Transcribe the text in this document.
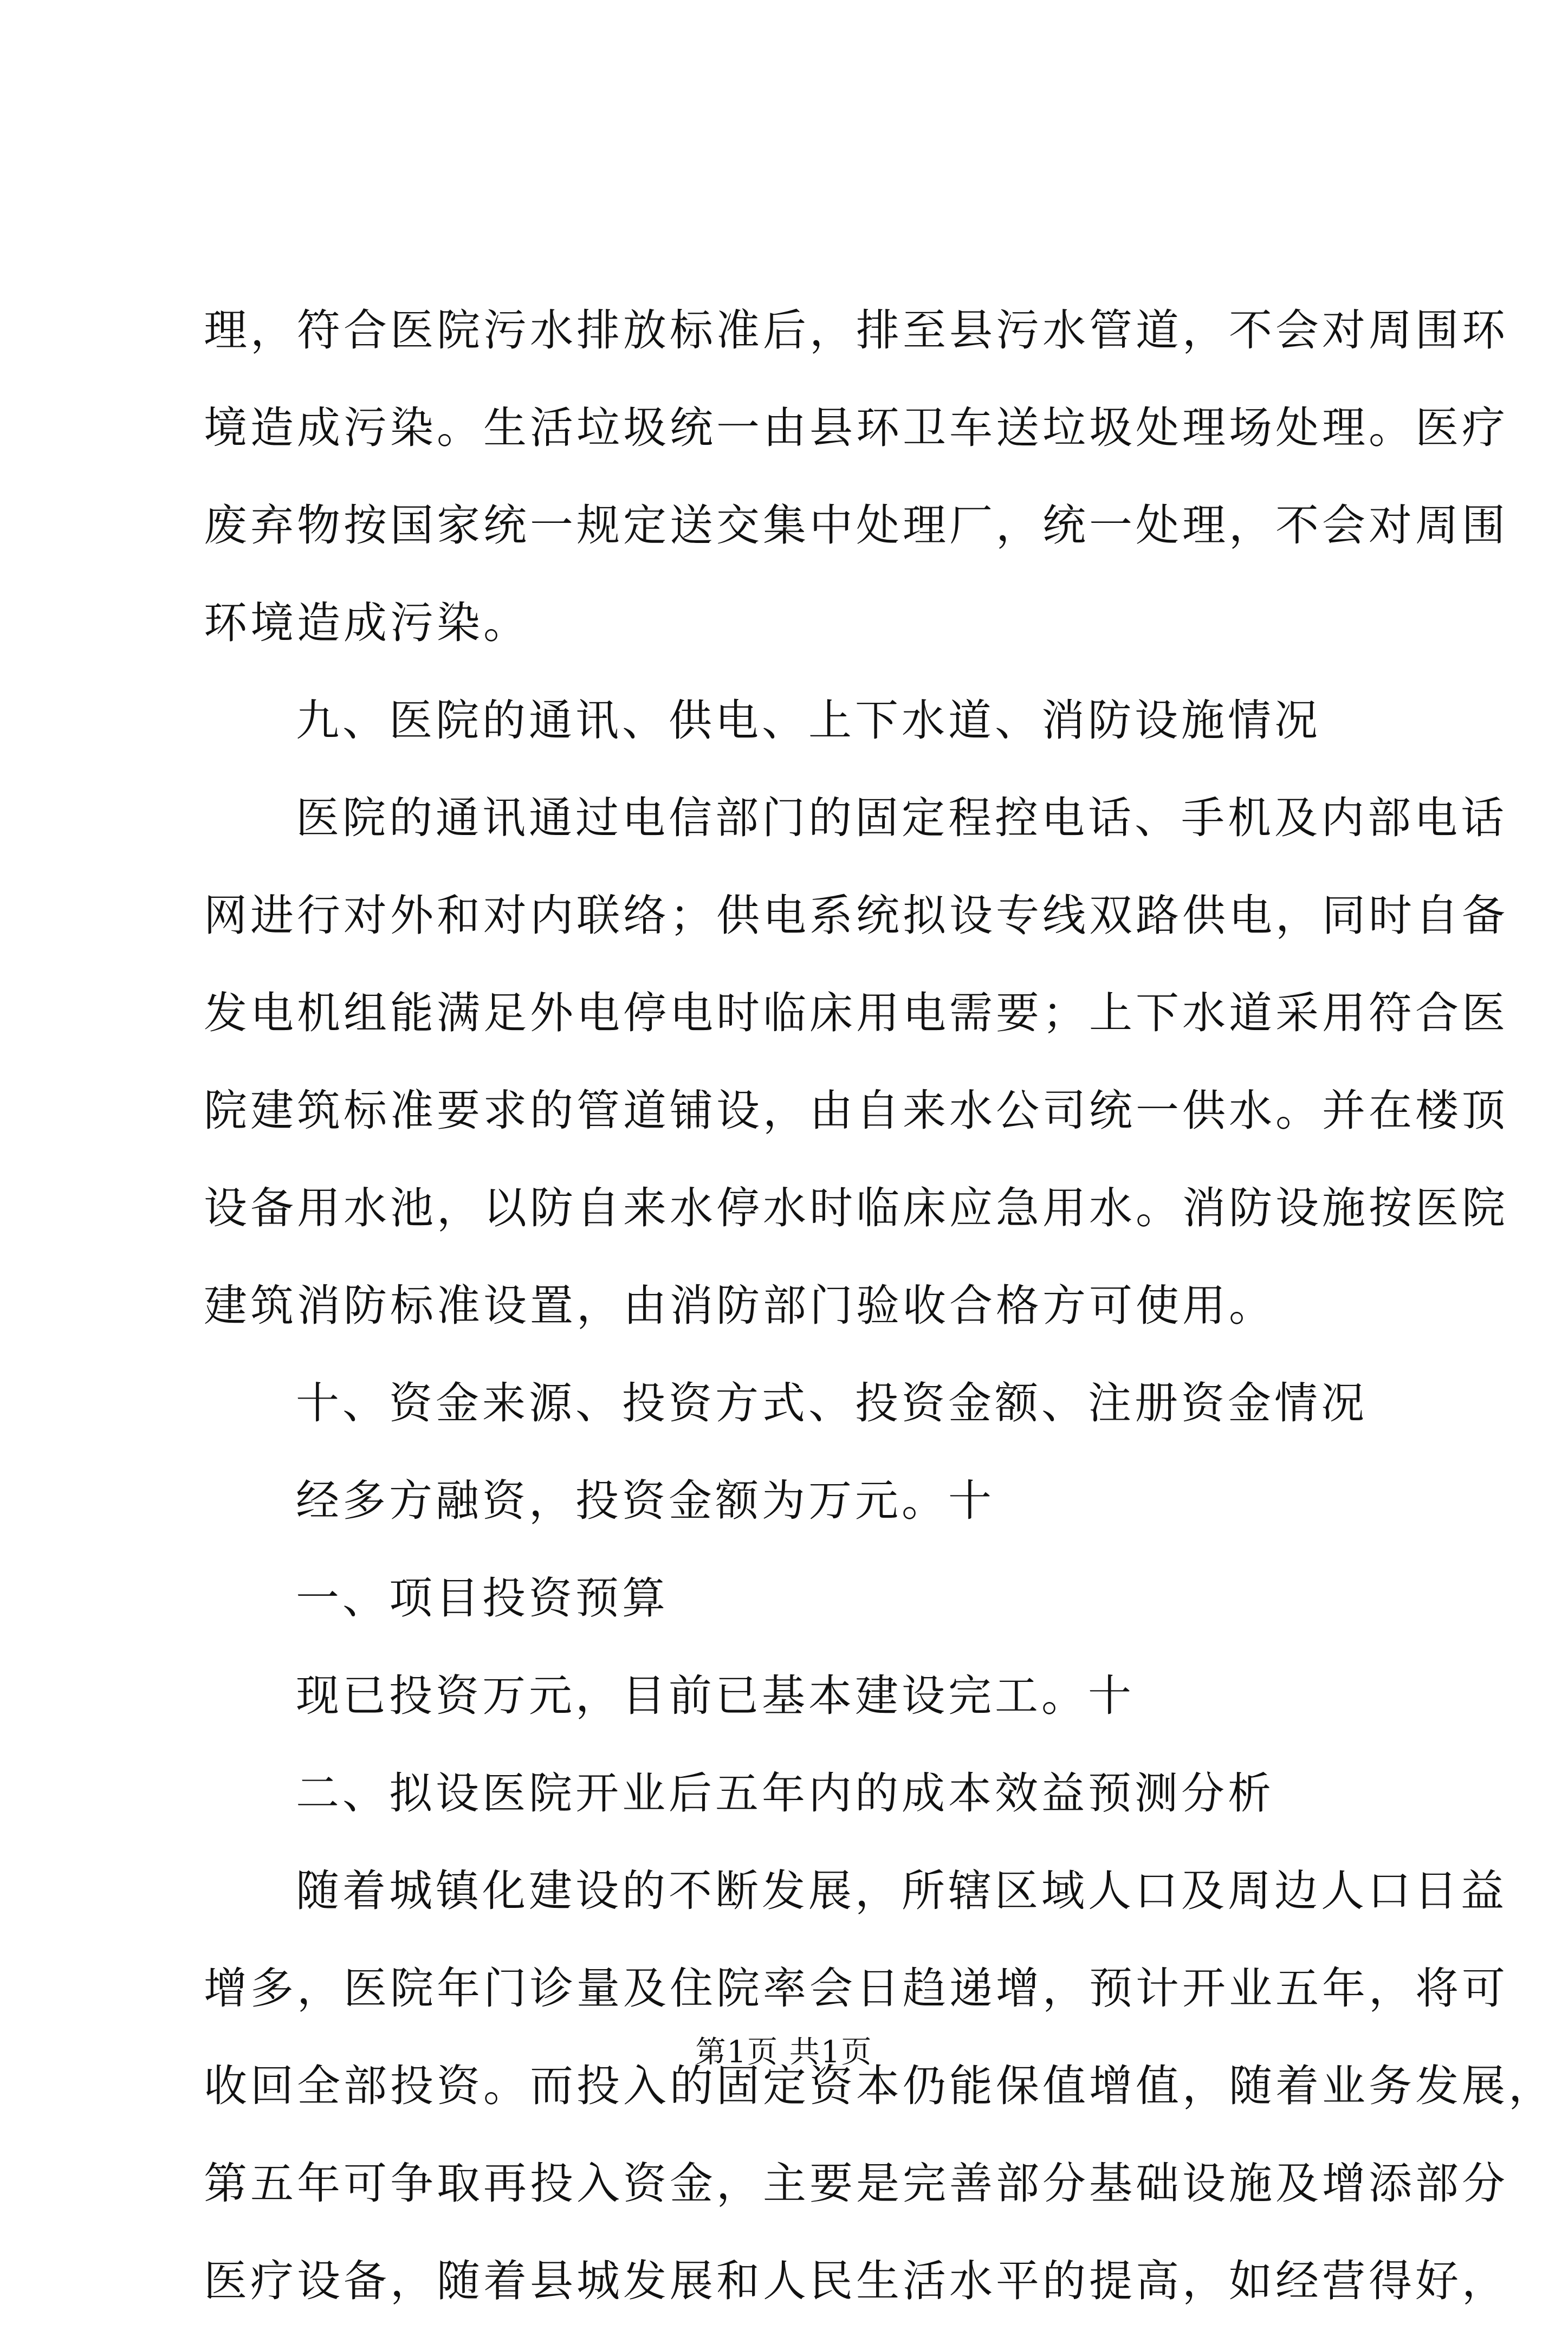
理，符合医院污水排放标准后，排至县污水管道，不会对周围环
境造成污染。生活垃圾统一由县环卫车送垃圾处理场处理。医疗
废弃物按国家统一规定送交集中处理厂，统一处理，不会对周围
环境造成污染。
九、医院的通讯、供电、上下水道、消防设施情况
医院的通讯通过电信部门的固定程控电话、手机及内部电话
网进行对外和对内联络；供电系统拟设专线双路供电，同时自备
发电机组能满足外电停电时临床用电需要；上下水道采用符合医
院建筑标准要求的管道铺设，由自来水公司统一供水。并在楼顶
设备用水池，以防自来水停水时临床应急用水。消防设施按医院
建筑消防标准设置，由消防部门验收合格方可使用。
十、资金来源、投资方式、投资金额、注册资金情况
经多方融资，投资金额为万元。十
一、项目投资预算
现已投资万元，目前已基本建设完工。十
二、拟设医院开业后五年内的成本效益预测分析
随着城镇化建设的不断发展，所辖区域人口及周边人口日益
增多，医院年门诊量及住院率会日趋递增，预计开业五年，将可
收回全部投资。而投入的固定资本仍能保值增值，随着业务发展，
第五年可争取再投入资金，主要是完善部分基础设施及增添部分
医疗设备，随着县城发展和人民生活水平的提高，如经营得好，
第1页 共1页
